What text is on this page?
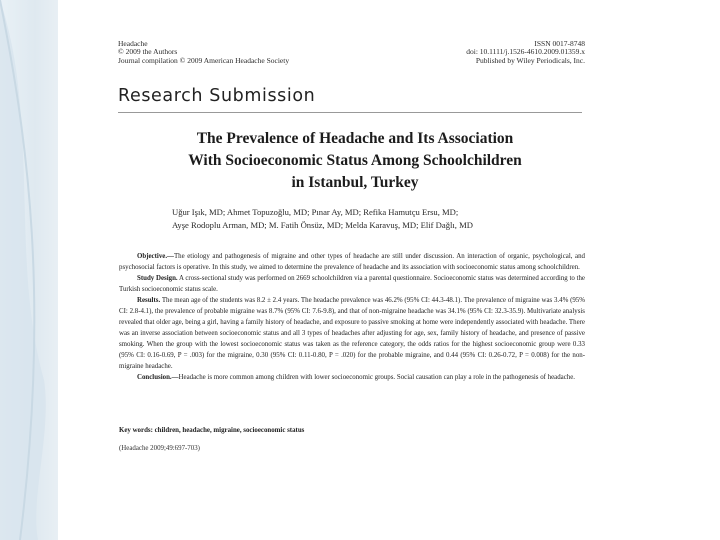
Headache
© 2009 the Authors
Journal compilation © 2009 American Headache Society
ISSN 0017-8748
doi: 10.1111/j.1526-4610.2009.01359.x
Published by Wiley Periodicals, Inc.
Research Submission
The Prevalence of Headache and Its Association
With Socioeconomic Status Among Schoolchildren
in Istanbul, Turkey
Uğur Işık, MD; Ahmet Topuzoğlu, MD; Pınar Ay, MD; Refika Hamutçu Ersu, MD;
Ayşe Rodoplu Arman, MD; M. Fatih Önsüz, MD; Melda Karavuş, MD; Elif Dağlı, MD

Objective.—The etiology and pathogenesis of migraine and other types of headache are still under discussion. An interaction of organic, psychological, and psychosocial factors is operative. In this study, we aimed to determine the prevalence of headache and its association with socioeconomic status among schoolchildren.

Study Design. A cross-sectional study was performed on 2669 schoolchildren via a parental questionnaire. Socioeconomic status was determined according to the Turkish socioeconomic status scale.

Results. The mean age of the students was 8.2 ± 2.4 years. The headache prevalence was 46.2% (95% CI: 44.3-48.1). The prevalence of migraine was 3.4% (95% CI: 2.8-4.1), the prevalence of probable migraine was 8.7% (95% CI: 7.6-9.8), and that of non-migraine headache was 34.1% (95% CI: 32.3-35.9). Multivariate analysis revealed that older age, being a girl, having a family history of headache, and exposure to passive smoking at home were independently associated with headache. There was an inverse association between socioeconomic status and all 3 types of headaches after adjusting for age, sex, family history of headache, and presence of passive smoking. When the group with the lowest socioeconomic status was taken as the reference category, the odds ratios for the highest socioeconomic group were 0.33 (95% CI: 0.16-0.69, P = .003) for the migraine, 0.30 (95% CI: 0.11-0.80, P = .020) for the probable migraine, and 0.44 (95% CI: 0.26-0.72, P = 0.008) for the non-migraine headache.

Conclusion.—Headache is more common among children with lower socioeconomic groups. Social causation can play a role in the pathogenesis of headache.

Key words: children, headache, migraine, socioeconomic status
(Headache 2009;49:697-703)
